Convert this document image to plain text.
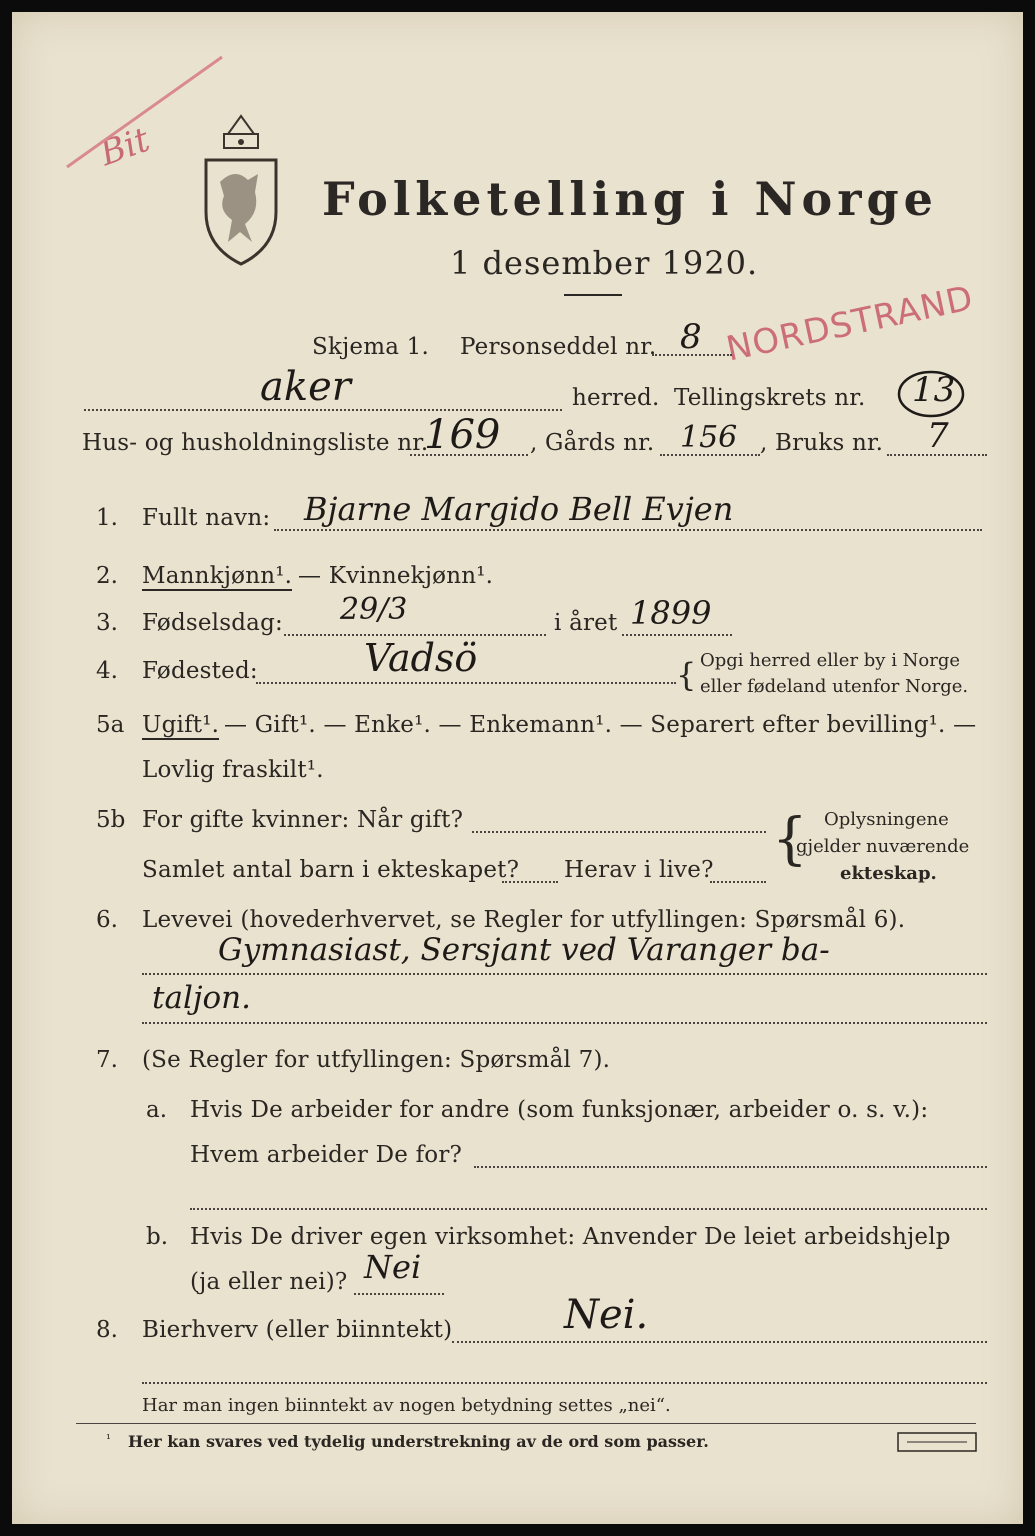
Bit
Folketelling i Norge
1 desember 1920.
NORDSTRAND
Skjema 1. Personseddel nr. 8
aker	herred. Tellingskrets nr. 13
Hus- og husholdningsliste nr.
169 , Gårds nr. 156 , Bruks nr. 7
1. Fullt navn: Bjarne Margido Bell Evjen
2. Mannkjønn¹. — Kvinnekjønn¹.
3. Fødselsdag: 29/3	i året 1899
4. Fødested:	Vadsö	{ Opgi herred eller by i Norge
eller fødeland utenfor Norge.
5a Ugift¹. — Gift¹. — Enke¹. — Enkemann¹. — Separert efter bevilling¹. —
Lovlig fraskilt¹.
5b For gifte kvinner: Når gift?
Samlet antal barn i ekteskapet? Herav i live? { Oplysningene
gjelder nuværende
ekteskap.
6. Levevei (hovederhvervet, se Regler for utfyllingen: Spørsmål 6).
Gymnasiast, Sersjant ved Varanger ba-
taljon.
7. (Se Regler for utfyllingen: Spørsmål 7).
a. Hvis De arbeider for andre (som funksjonær, arbeider o. s. v.):
Hvem arbeider De for?
b. Hvis De driver egen virksomhet: Anvender De leiet arbeidshjelp
(ja eller nei)? Nei
8. Bierhverv (eller biinntekt)	Nei.
Har man ingen biinntekt av nogen betydning settes „nei“.
¹ Her kan svares ved tydelig understrekning av de ord som passer.
